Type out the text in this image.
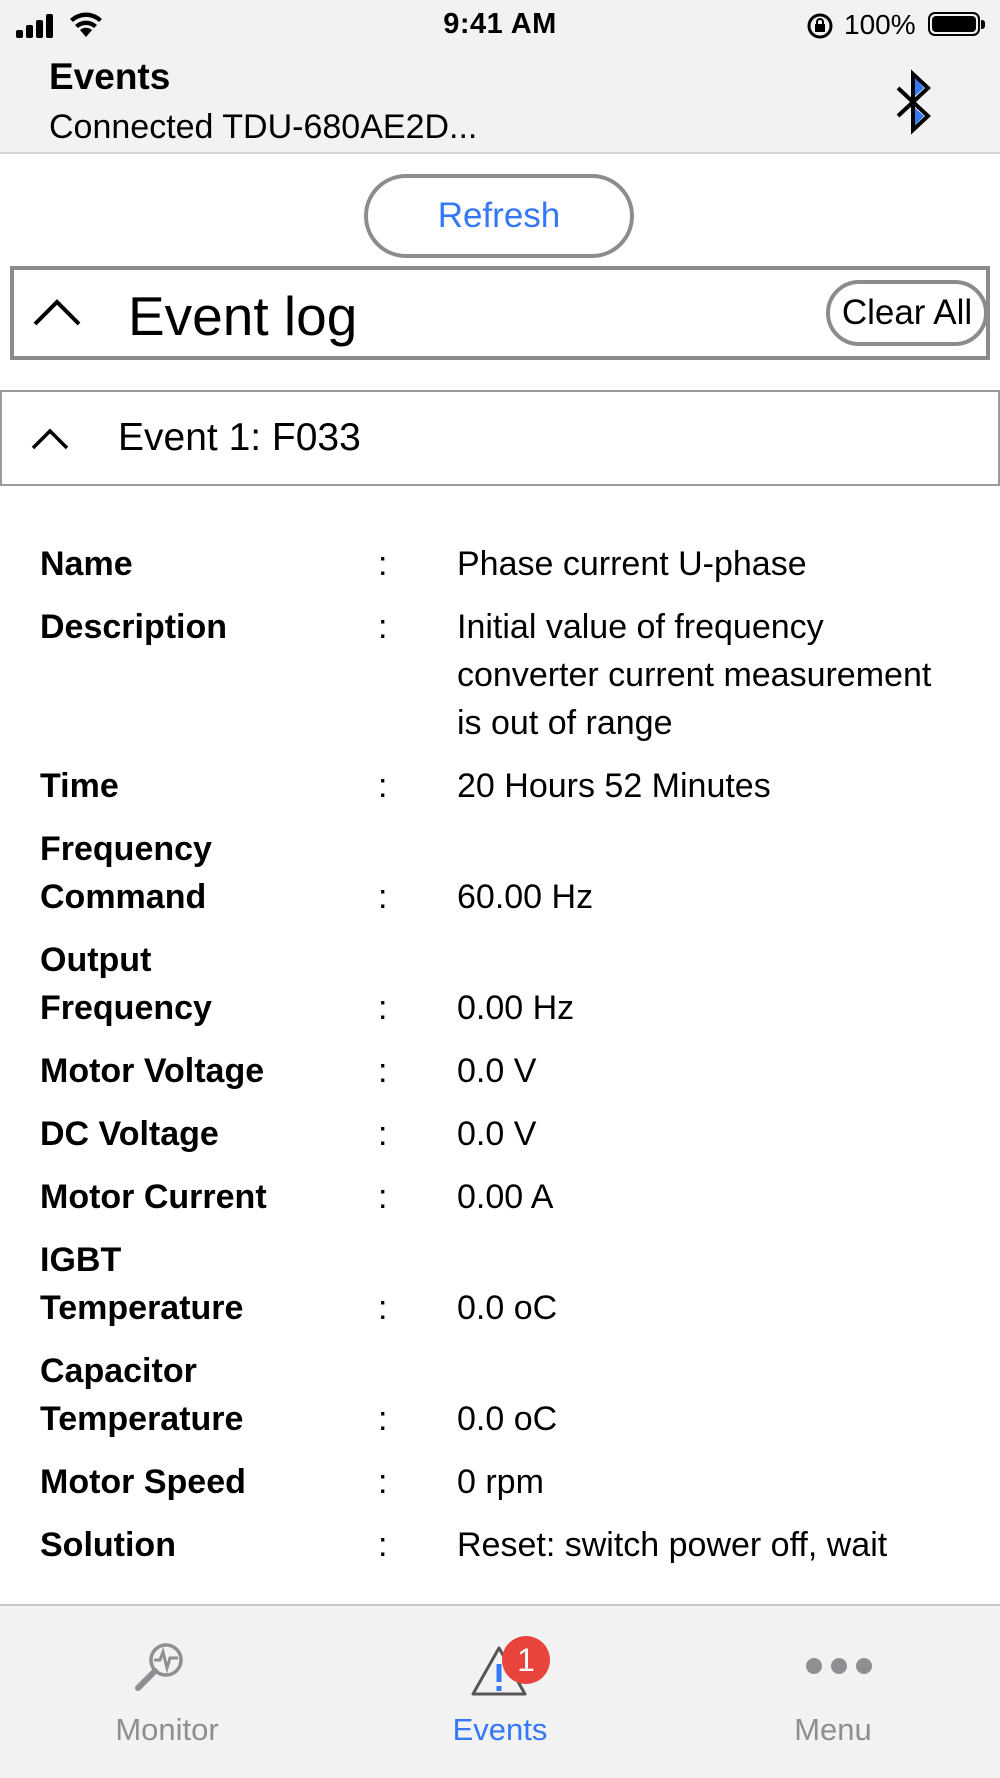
9:41 AM	100%
Events
Connected TDU-680AE2D...
Refresh
Event log	Clear All
Event 1: F033
Name	:	Phase current U-phase
Description	:	Initial value of frequency converter current measurement is out of range
Time	:	20 Hours 52 Minutes
Frequency Command	:	60.00 Hz
Output Frequency	:	0.00 Hz
Motor Voltage	:	0.0 V
DC Voltage	:	0.0 V
Motor Current	:	0.00 A
IGBT Temperature	:	0.0 oC
Capacitor Temperature	:	0.0 oC
Motor Speed	:	0 rpm
Solution	:	Reset: switch power off, wait
Monitor	Events
1
Menu
